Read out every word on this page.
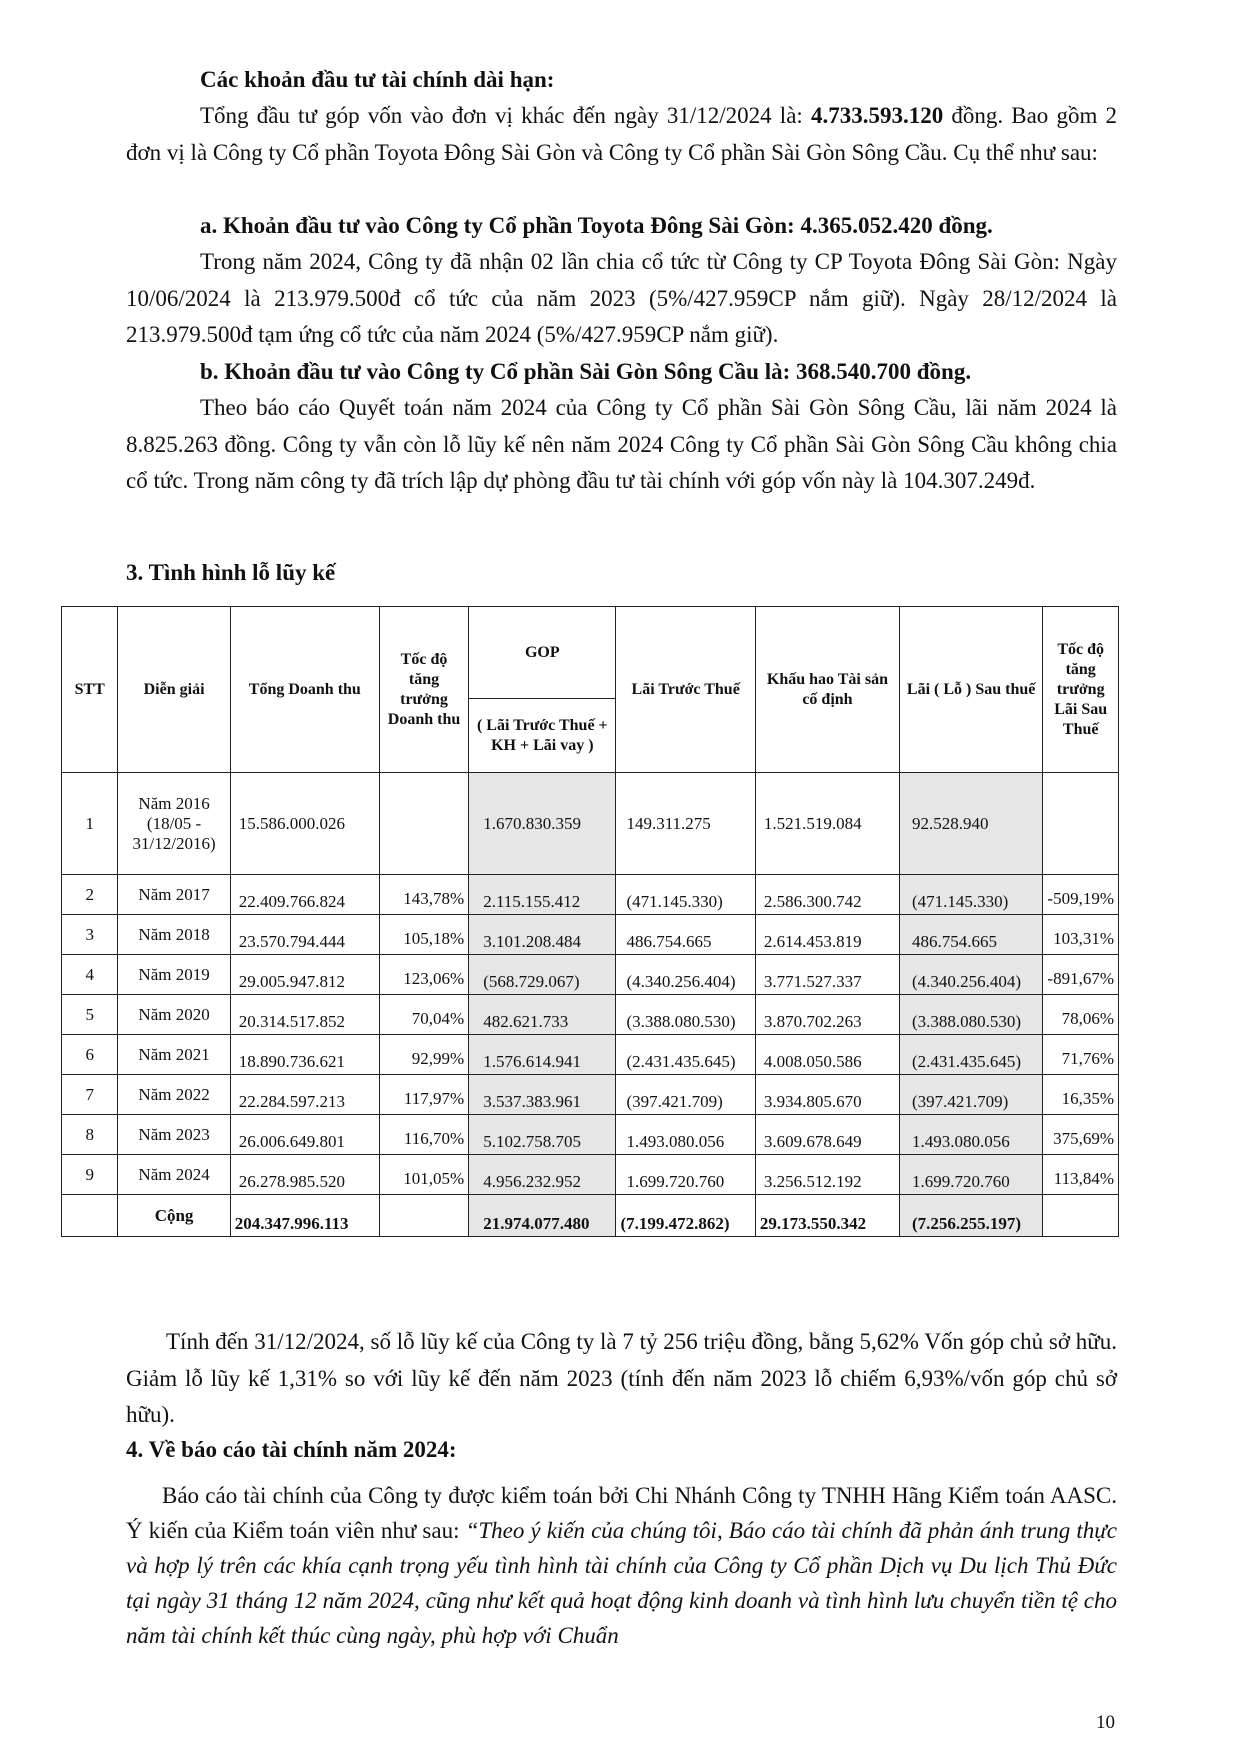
Các khoản đầu tư tài chính dài hạn:

Tổng đầu tư góp vốn vào đơn vị khác đến ngày 31/12/2024 là: 4.733.593.120 đồng. Bao gồm 2 đơn vị là Công ty Cổ phần Toyota Đông Sài Gòn và Công ty Cổ phần Sài Gòn Sông Cầu. Cụ thể như sau:

a. Khoản đầu tư vào Công ty Cổ phần Toyota Đông Sài Gòn: 4.365.052.420 đồng.

Trong năm 2024, Công ty đã nhận 02 lần chia cổ tức từ Công ty CP Toyota Đông Sài Gòn: Ngày 10/06/2024 là 213.979.500đ cổ tức của năm 2023 (5%/427.959CP nắm giữ). Ngày 28/12/2024 là 213.979.500đ tạm ứng cổ tức của năm 2024 (5%/427.959CP nắm giữ).

b. Khoản đầu tư vào Công ty Cổ phần Sài Gòn Sông Cầu là: 368.540.700 đồng.

Theo báo cáo Quyết toán năm 2024 của Công ty Cổ phần Sài Gòn Sông Cầu, lãi năm 2024 là 8.825.263 đồng. Công ty vẫn còn lỗ lũy kế nên năm 2024 Công ty Cổ phần Sài Gòn Sông Cầu không chia cổ tức. Trong năm công ty đã trích lập dự phòng đầu tư tài chính với góp vốn này là 104.307.249đ.

3. Tình hình lỗ lũy kế
STT	Diễn giải	Tổng Doanh thu	Tốc độ tăng trưởng Doanh thu	GOP	Lãi Trước Thuế	Khấu hao Tài sản cố định	Lãi ( Lỗ ) Sau thuế	Tốc độ tăng trưởng Lãi Sau Thuế
				( Lãi Trước Thuế + KH + Lãi vay )				
1	Năm 2016 (18/05 - 31/12/2016)	15.586.000.026		1.670.830.359	149.311.275	1.521.519.084	92.528.940	
2	Năm 2017	22.409.766.824	143,78%	2.115.155.412	(471.145.330)	2.586.300.742	(471.145.330)	-509,19%
3	Năm 2018	23.570.794.444	105,18%	3.101.208.484	486.754.665	2.614.453.819	486.754.665	103,31%
4	Năm 2019	29.005.947.812	123,06%	(568.729.067)	(4.340.256.404)	3.771.527.337	(4.340.256.404)	-891,67%
5	Năm 2020	20.314.517.852	70,04%	482.621.733	(3.388.080.530)	3.870.702.263	(3.388.080.530)	78,06%
6	Năm 2021	18.890.736.621	92,99%	1.576.614.941	(2.431.435.645)	4.008.050.586	(2.431.435.645)	71,76%
7	Năm 2022	22.284.597.213	117,97%	3.537.383.961	(397.421.709)	3.934.805.670	(397.421.709)	16,35%
8	Năm 2023	26.006.649.801	116,70%	5.102.758.705	1.493.080.056	3.609.678.649	1.493.080.056	375,69%
9	Năm 2024	26.278.985.520	101,05%	4.956.232.952	1.699.720.760	3.256.512.192	1.699.720.760	113,84%
	Cộng	204.347.996.113		21.974.077.480	(7.199.472.862)	29.173.550.342	(7.256.255.197)	

Tính đến 31/12/2024, số lỗ lũy kế của Công ty là 7 tỷ 256 triệu đồng, bằng 5,62% Vốn góp chủ sở hữu. Giảm lỗ lũy kế 1,31% so với lũy kế đến năm 2023 (tính đến năm 2023 lỗ chiếm 6,93%/vốn góp chủ sở hữu).

4. Về báo cáo tài chính năm 2024:

Báo cáo tài chính của Công ty được kiểm toán bởi Chi Nhánh Công ty TNHH Hãng Kiểm toán AASC. Ý kiến của Kiểm toán viên như sau: “Theo ý kiến của chúng tôi, Báo cáo tài chính đã phản ánh trung thực và hợp lý trên các khía cạnh trọng yếu tình hình tài chính của Công ty Cổ phần Dịch vụ Du lịch Thủ Đức tại ngày 31 tháng 12 năm 2024, cũng như kết quả hoạt động kinh doanh và tình hình lưu chuyển tiền tệ cho năm tài chính kết thúc cùng ngày, phù hợp với Chuẩn

10
